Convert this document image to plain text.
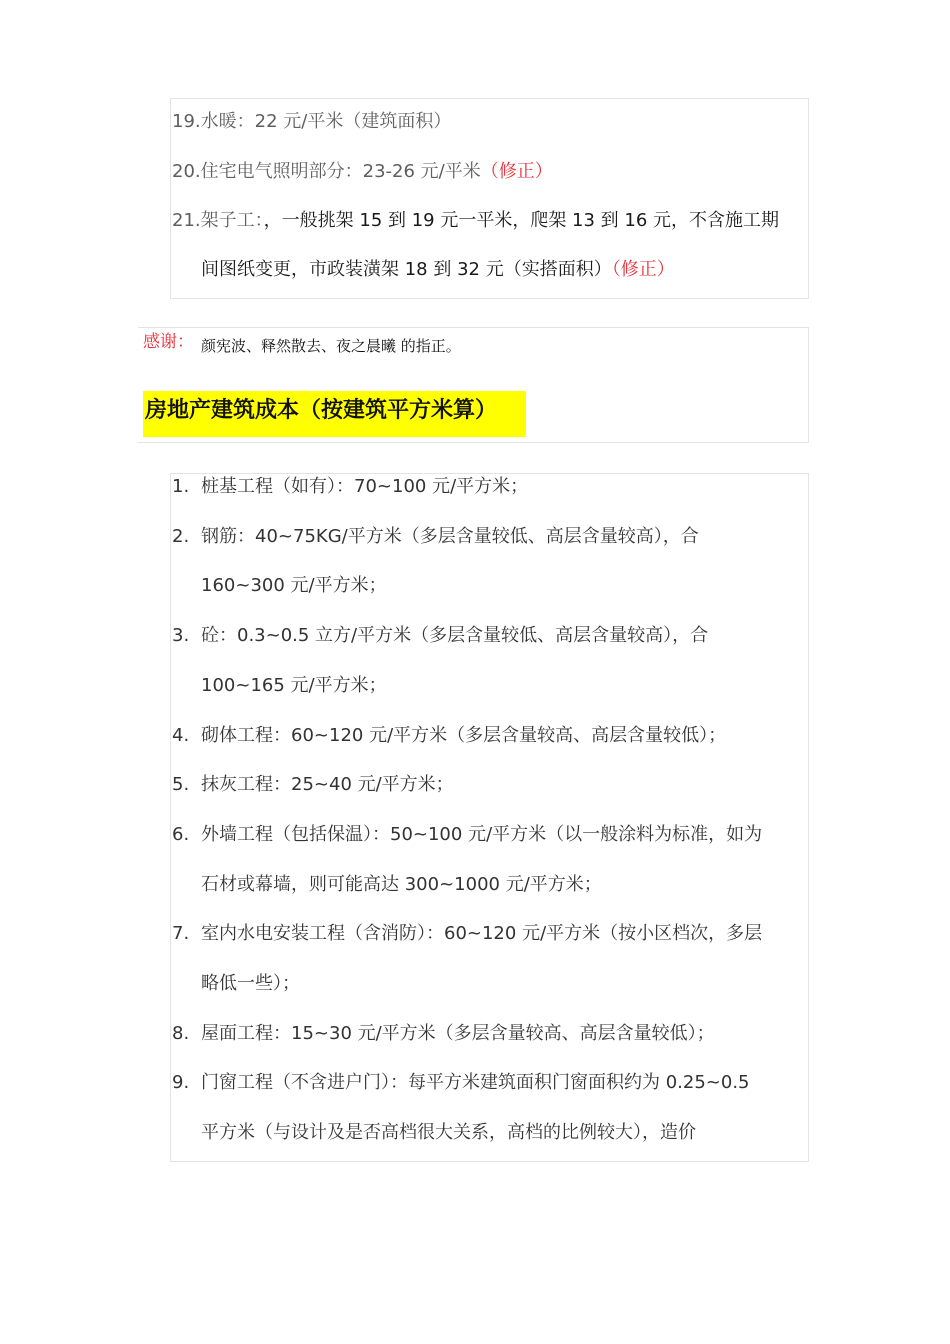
19.水暖：22 元/平米（建筑面积）
20.住宅电气照明部分：23-26 元/平米（修正）
21.架子工：，一般挑架 15 到 19 元一平米，爬架 13 到 16 元，不含施工期
间图纸变更，市政装潢架 18 到 32 元（实搭面积）（修正）
感谢： 颜宪波、释然散去、夜之晨曦 的指正。
房地产建筑成本（按建筑平方米算）
1. 桩基工程（如有）：70~100 元/平方米；
2. 钢筋：40~75KG/平方米（多层含量较低、高层含量较高），合
160~300 元/平方米；
3. 砼：0.3~0.5 立方/平方米（多层含量较低、高层含量较高），合
100~165 元/平方米；
4. 砌体工程：60~120 元/平方米（多层含量较高、高层含量较低）；
5. 抹灰工程：25~40 元/平方米；
6. 外墙工程（包括保温）：50~100 元/平方米（以一般涂料为标准，如为
石材或幕墙，则可能高达 300~1000 元/平方米；
7. 室内水电安装工程（含消防）：60~120 元/平方米（按小区档次，多层
略低一些）；
8. 屋面工程：15~30 元/平方米（多层含量较高、高层含量较低）；
9. 门窗工程（不含进户门）：每平方米建筑面积门窗面积约为 0.25~0.5
平方米（与设计及是否高档很大关系，高档的比例较大），造价
